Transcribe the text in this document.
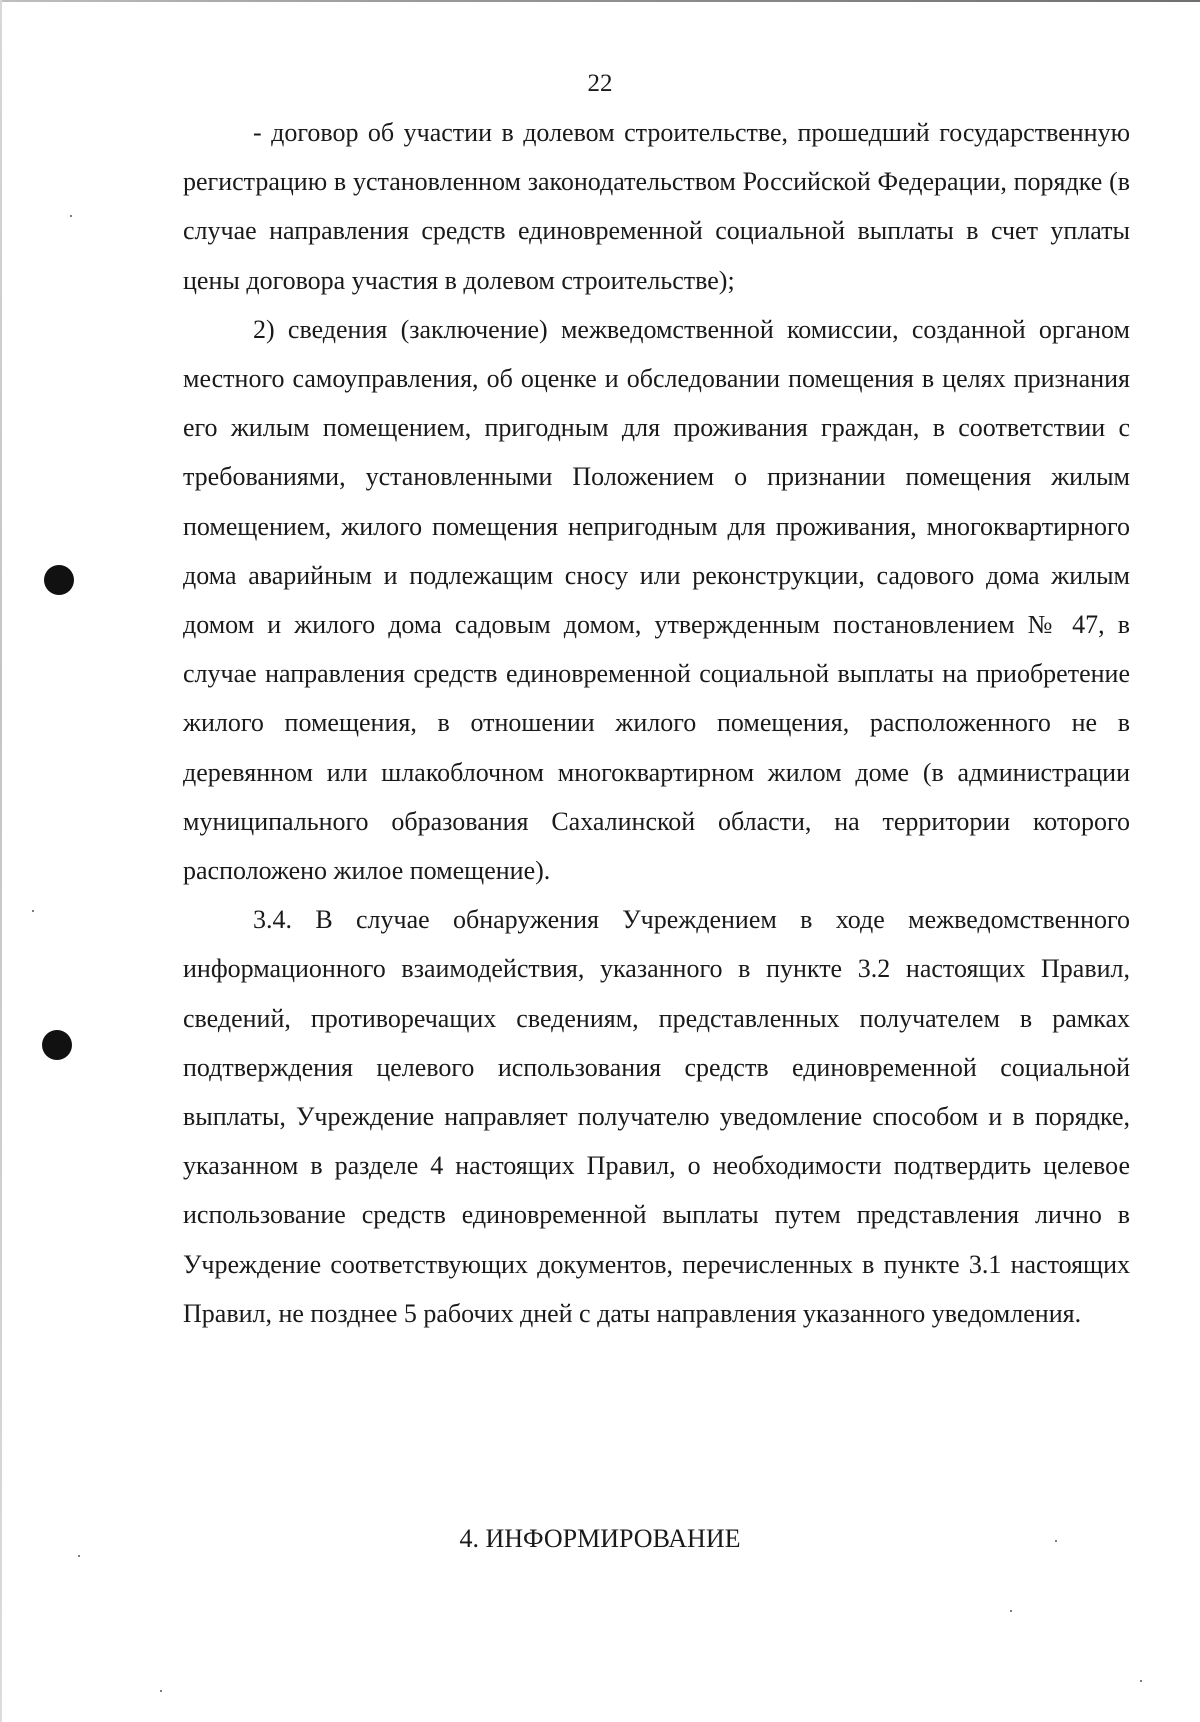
22

- договор об участии в долевом строительстве, прошедший государственную регистрацию в установленном законодательством Российской Федерации, порядке (в случае направления средств единовременной социальной выплаты в счет уплаты цены договора участия в долевом строительстве);

2) сведения (заключение) межведомственной комиссии, созданной органом местного самоуправления, об оценке и обследовании помещения в целях признания его жилым помещением, пригодным для проживания граждан, в соответствии с требованиями, установленными Положением о признании помещения жилым помещением, жилого помещения непригодным для проживания, многоквартирного дома аварийным и подлежащим сносу или реконструкции, садового дома жилым домом и жилого дома садовым домом, утвержденным постановлением № 47, в случае направления средств единовременной социальной выплаты на приобретение жилого помещения, в отношении жилого помещения, расположенного не в деревянном или шлакоблочном многоквартирном жилом доме (в администрации муниципального образования Сахалинской области, на территории которого расположено жилое помещение).

3.4. В случае обнаружения Учреждением в ходе межведомственного информационного взаимодействия, указанного в пункте 3.2 настоящих Правил, сведений, противоречащих сведениям, представленных получателем в рамках подтверждения целевого использования средств единовременной социальной выплаты, Учреждение направляет получателю уведомление способом и в порядке, указанном в разделе 4 настоящих Правил, о необходимости подтвердить целевое использование средств единовременной выплаты путем представления лично в Учреждение соответствующих документов, перечисленных в пункте 3.1 настоящих Правил, не позднее 5 рабочих дней с даты направления указанного уведомления.

4. ИНФОРМИРОВАНИЕ
